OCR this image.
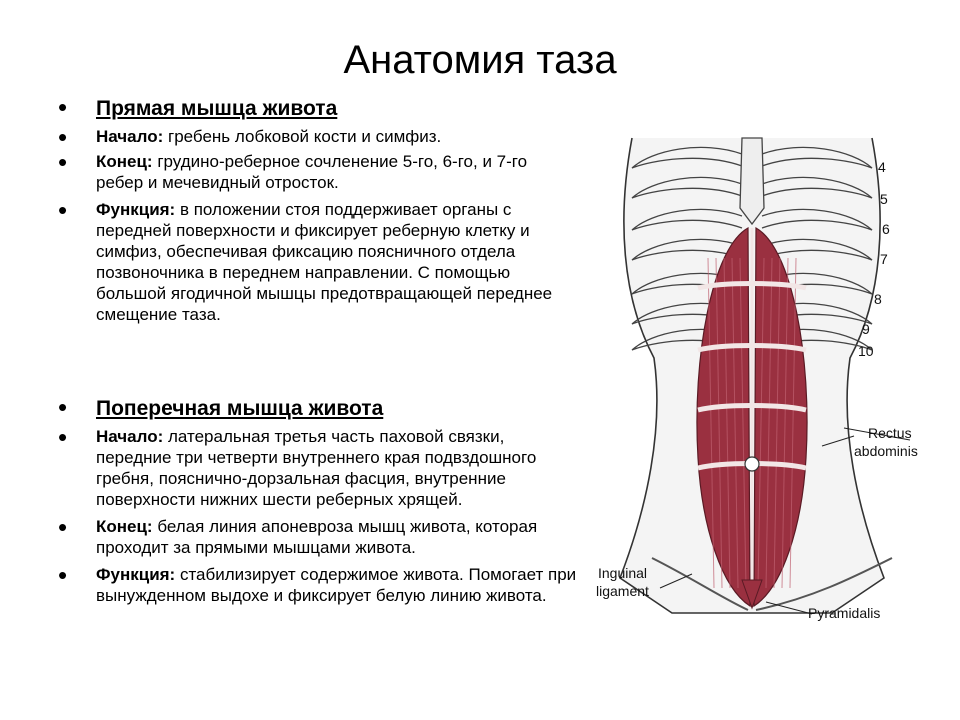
Анатомия таза
•	Прямая мышца живота
•	Начало: гребень лобковой кости и симфиз.
•	Конец: грудино-реберное сочленение 5-го, 6-го, и 7-го ребер и мечевидный отросток.
•	Функция: в положении стоя поддерживает органы с передней поверхности и фиксирует реберную клетку и симфиз, обеспечивая фиксацию поясничного отдела позвоночника в переднем направлении. С помощью большой ягодичной мышцы предотвращающей переднее смещение таза.
•	Поперечная мышца живота
•	Начало: латеральная третья часть паховой связки, передние три четверти внутреннего края подвздошного гребня, пояснично-дорзальная фасция, внутренние поверхности нижних шести реберных хрящей.
•	Конец: белая линия апоневроза мышц живота, которая проходит за прямыми мышцами живота.
•	Функция: стабилизирует содержимое живота. Помогает при вынужденном выдохе и фиксирует белую линию живота.
4
5
6
7
8
9
10
Rectus
abdominis
Inguinal
ligament
Pyramidalis
